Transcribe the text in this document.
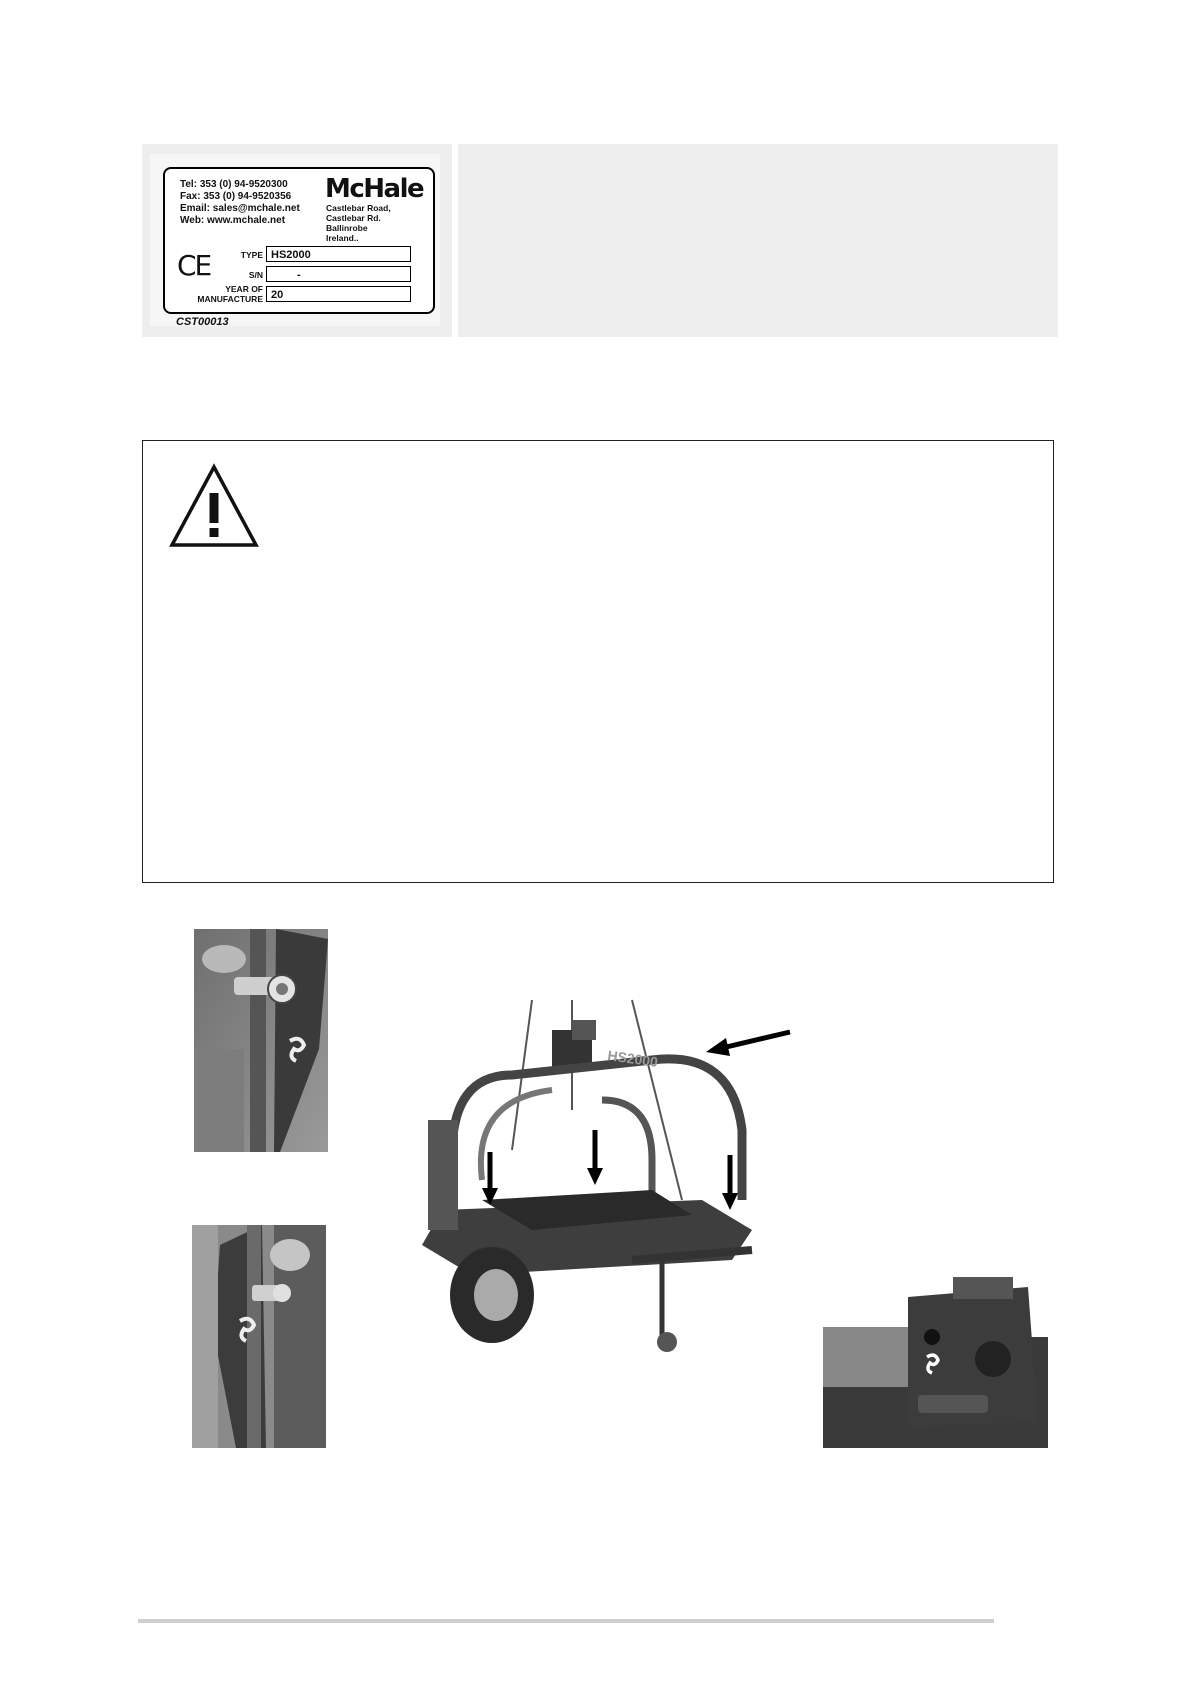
Tel: 353 (0) 94-9520300
Fax: 353 (0) 94-9520356
Email: sales@mchale.net
Web: www.mchale.net
McHale
Castlebar Road,
Castlebar Rd.
Ballinrobe
Ireland..
CE	TYPE HS2000
S/N	-
YEAR OF
MANUFACTURE 20
CST00013
HS2000
